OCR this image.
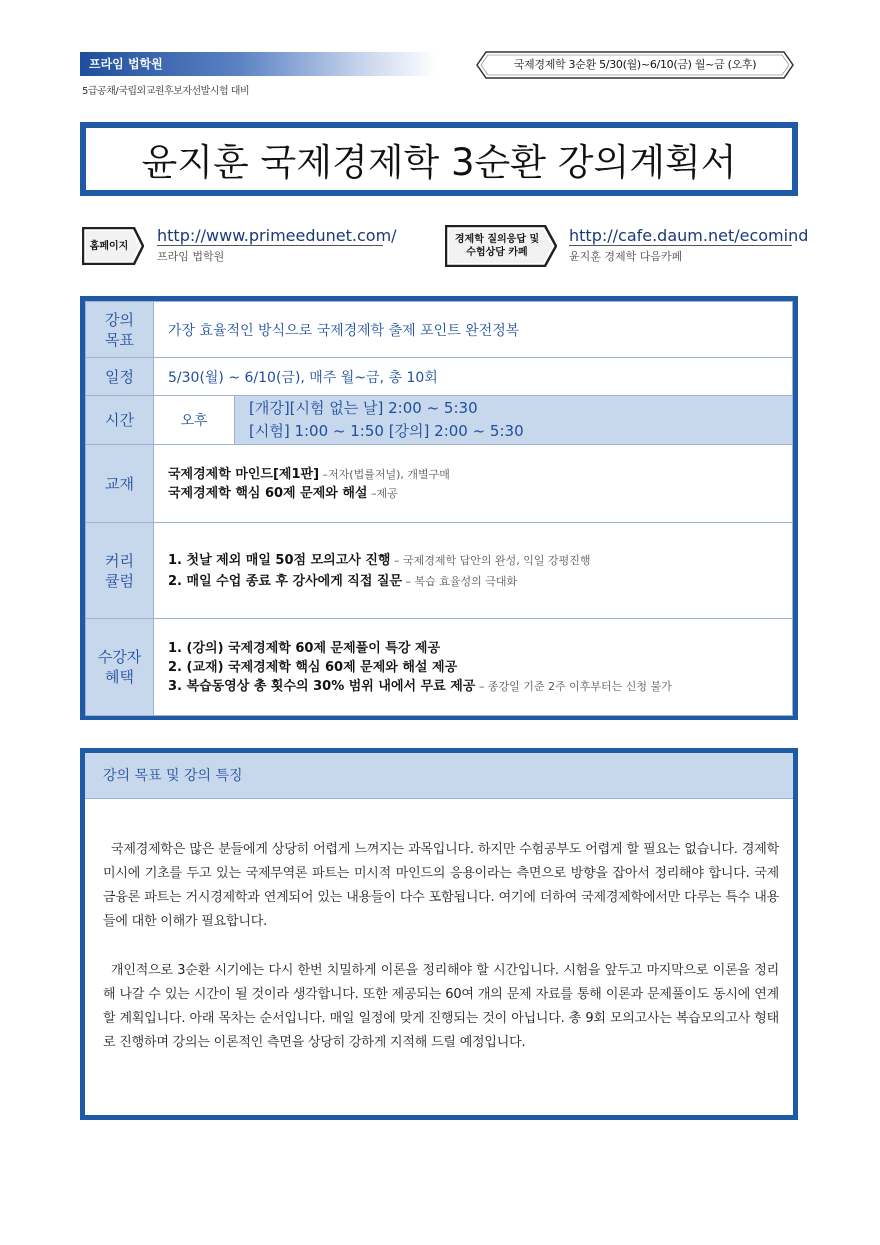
프라임 법학원
5급공채/국립외교원후보자선발시험 대비
국제경제학 3순환 5/30(월)~6/10(금) 월~금 (오후)
윤지훈 국제경제학 3순환 강의계획서
홈페이지
http://www.primeedunet.com/
프라임 법학원
경제학 질의응답 및
수험상담 카페
http://cafe.daum.net/ecomind
윤지훈 경제학 다음카페
강의
목표	가장 효율적인 방식으로 국제경제학 출제 포인트 완전정복	
일정	5/30(월) ~ 6/10(금), 매주 월~금, 총 10회	
시간	오후	[개강][시험 없는 날] 2:00 ~ 5:30
[시험] 1:00 ~ 1:50 [강의] 2:00 ~ 5:30

교재	국제경제학 마인드[제1판] –저자(법률저널), 개별구매
국제경제학 핵심 60제 문제와 해설 –제공	

커리
큘럼	1. 첫날 제외 매일 50점 모의고사 진행 – 국제경제학 답안의 완성, 익일 강평진행
2. 매일 수업 종료 후 강사에게 직접 질문 – 복습 효율성의 극대화	

수강자
혜택	1. (강의) 국제경제학 60제 문제풀이 특강 제공
2. (교재) 국제경제학 핵심 60제 문제와 해설 제공
3. 복습동영상 총 횟수의 30% 범위 내에서 무료 제공 – 종강일 기준 2주 이후부터는 신청 불가	
강의 목표 및 강의 특징
국제경제학은 많은 분들에게 상당히 어렵게 느껴지는 과목입니다. 하지만 수험공부도 어렵게 할 필요는 없습니다. 경제학 미시에 기초를 두고 있는 국제무역론 파트는 미시적 마인드의 응용이라는 측면으로 방향을 잡아서 정리해야 합니다. 국제금융론 파트는 거시경제학과 연계되어 있는 내용들이 다수 포함됩니다. 여기에 더하여 국제경제학에서만 다루는 특수 내용들에 대한 이해가 필요합니다.
개인적으로 3순환 시기에는 다시 한번 치밀하게 이론을 정리해야 할 시간입니다. 시험을 앞두고 마지막으로 이론을 정리해 나갈 수 있는 시간이 될 것이라 생각합니다. 또한 제공되는 60여 개의 문제 자료를 통해 이론과 문제풀이도 동시에 연계할 계획입니다. 아래 목차는 순서입니다. 매일 일정에 맞게 진행되는 것이 아닙니다. 총 9회 모의고사는 복습모의고사 형태로 진행하며 강의는 이론적인 측면을 상당히 강하게 지적해 드릴 예정입니다.
